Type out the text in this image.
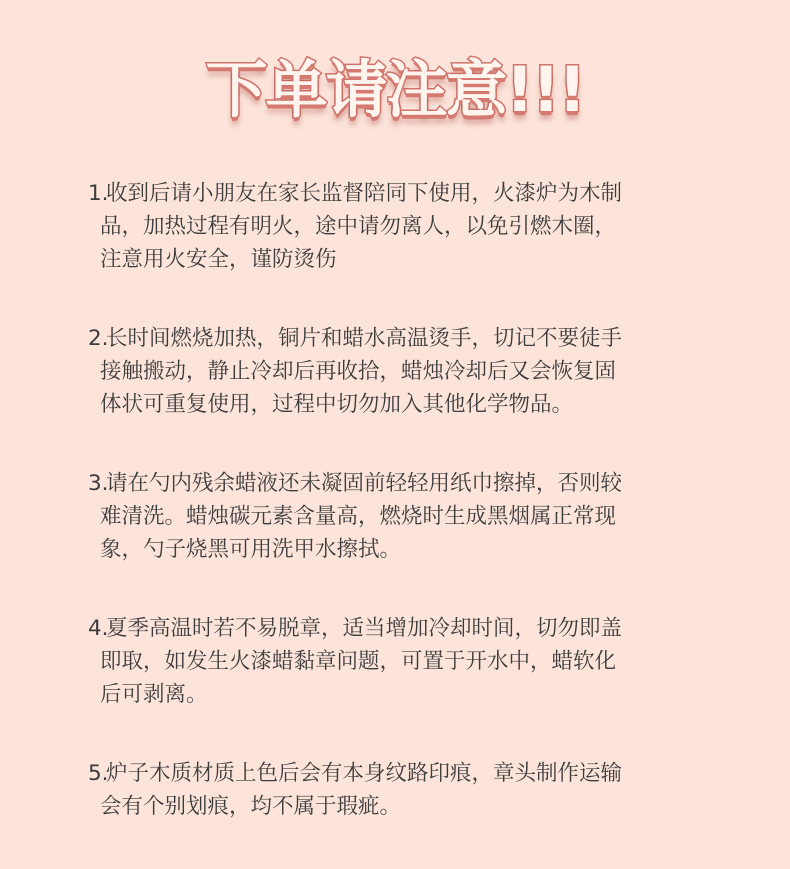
下单请注意!!!
1.
收到后请小朋友在家长监督陪同下使用，火漆炉为木制
品，加热过程有明火，途中请勿离人，以免引燃木圈，
注意用火安全，谨防烫伤
2.
长时间燃烧加热，铜片和蜡水高温烫手，切记不要徒手
接触搬动，静止冷却后再收拾，蜡烛冷却后又会恢复固
体状可重复使用，过程中切勿加入其他化学物品。
3.
请在勺内残余蜡液还未凝固前轻轻用纸巾擦掉，否则较
难清洗。蜡烛碳元素含量高，燃烧时生成黑烟属正常现
象，勺子烧黑可用洗甲水擦拭。
4.
夏季高温时若不易脱章，适当增加冷却时间，切勿即盖
即取，如发生火漆蜡黏章问题，可置于开水中，蜡软化
后可剥离。
5.
炉子木质材质上色后会有本身纹路印痕，章头制作运输
会有个别划痕，均不属于瑕疵。
